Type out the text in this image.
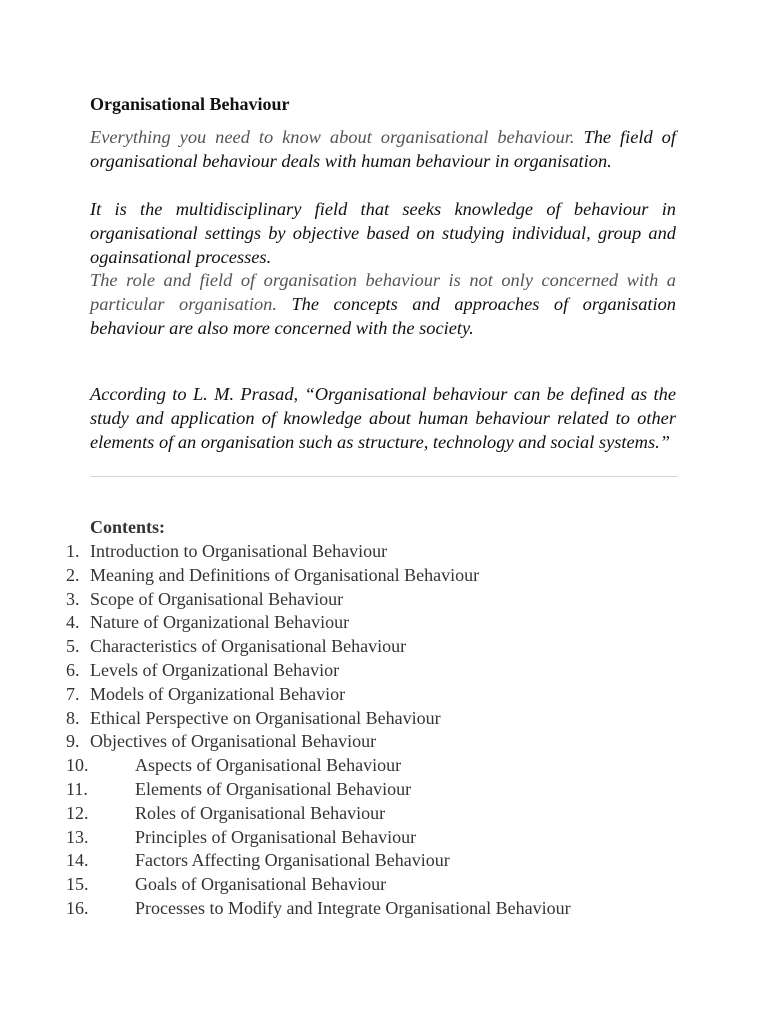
Organisational Behaviour

Everything you need to know about organisational behaviour. The field of organisational behaviour deals with human behaviour in organisation.

It is the multidisciplinary field that seeks knowledge of behaviour in organisational settings by objective based on studying individual, group and ogainsational processes.

The role and field of organisation behaviour is not only concerned with a particular organisation. The concepts and approaches of organisation behaviour are also more concerned with the society.

According to L. M. Prasad, “Organisational behaviour can be defined as the study and application of knowledge about human behaviour related to other elements of an organisation such as structure, technology and social systems.”

Contents:
1. Introduction to Organisational Behaviour
2. Meaning and Definitions of Organisational Behaviour
3. Scope of Organisational Behaviour
4. Nature of Organizational Behaviour
5. Characteristics of Organisational Behaviour
6. Levels of Organizational Behavior
7. Models of Organizational Behavior
8. Ethical Perspective on Organisational Behaviour
9. Objectives of Organisational Behaviour
10.	Aspects of Organisational Behaviour
11.	Elements of Organisational Behaviour
12.	Roles of Organisational Behaviour
13.	Principles of Organisational Behaviour
14.	Factors Affecting Organisational Behaviour
15.	Goals of Organisational Behaviour
16.	Processes to Modify and Integrate Organisational Behaviour
